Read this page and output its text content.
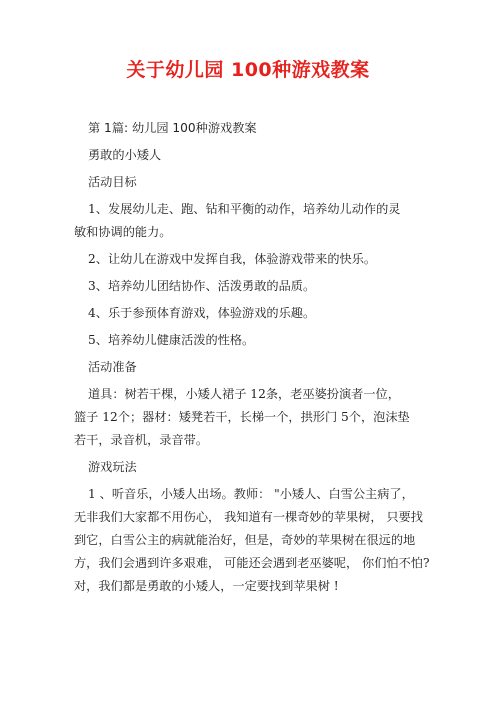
关于幼儿园 100种游戏教案
第 1篇: 幼儿园 100种游戏教案
勇敢的小矮人
活动目标
1、发展幼儿走、跑、钻和平衡的动作，培养幼儿动作的灵
敏和协调的能力。
2、让幼儿在游戏中发挥自我，体验游戏带来的快乐。
3、培养幼儿团结协作、活泼勇敢的品质。
4、乐于参预体育游戏，体验游戏的乐趣。
5、培养幼儿健康活泼的性格。
活动准备
道具：树若干棵，小矮人裙子 12条，老巫婆扮演者一位，
篮子 12个；器材：矮凳若干，长梯一个，拱形门 5个，泡沫垫
若干，录音机，录音带。
游戏玩法
1 、听音乐，小矮人出场。教师： "小矮人、白雪公主病了，
无非我们大家都不用伤心， 我知道有一棵奇妙的苹果树， 只要找
到它，白雪公主的病就能治好，但是，奇妙的苹果树在很远的地
方，我们会遇到许多艰难， 可能还会遇到老巫婆呢， 你们怕不怕?
对，我们都是勇敢的小矮人，一定要找到苹果树 !
